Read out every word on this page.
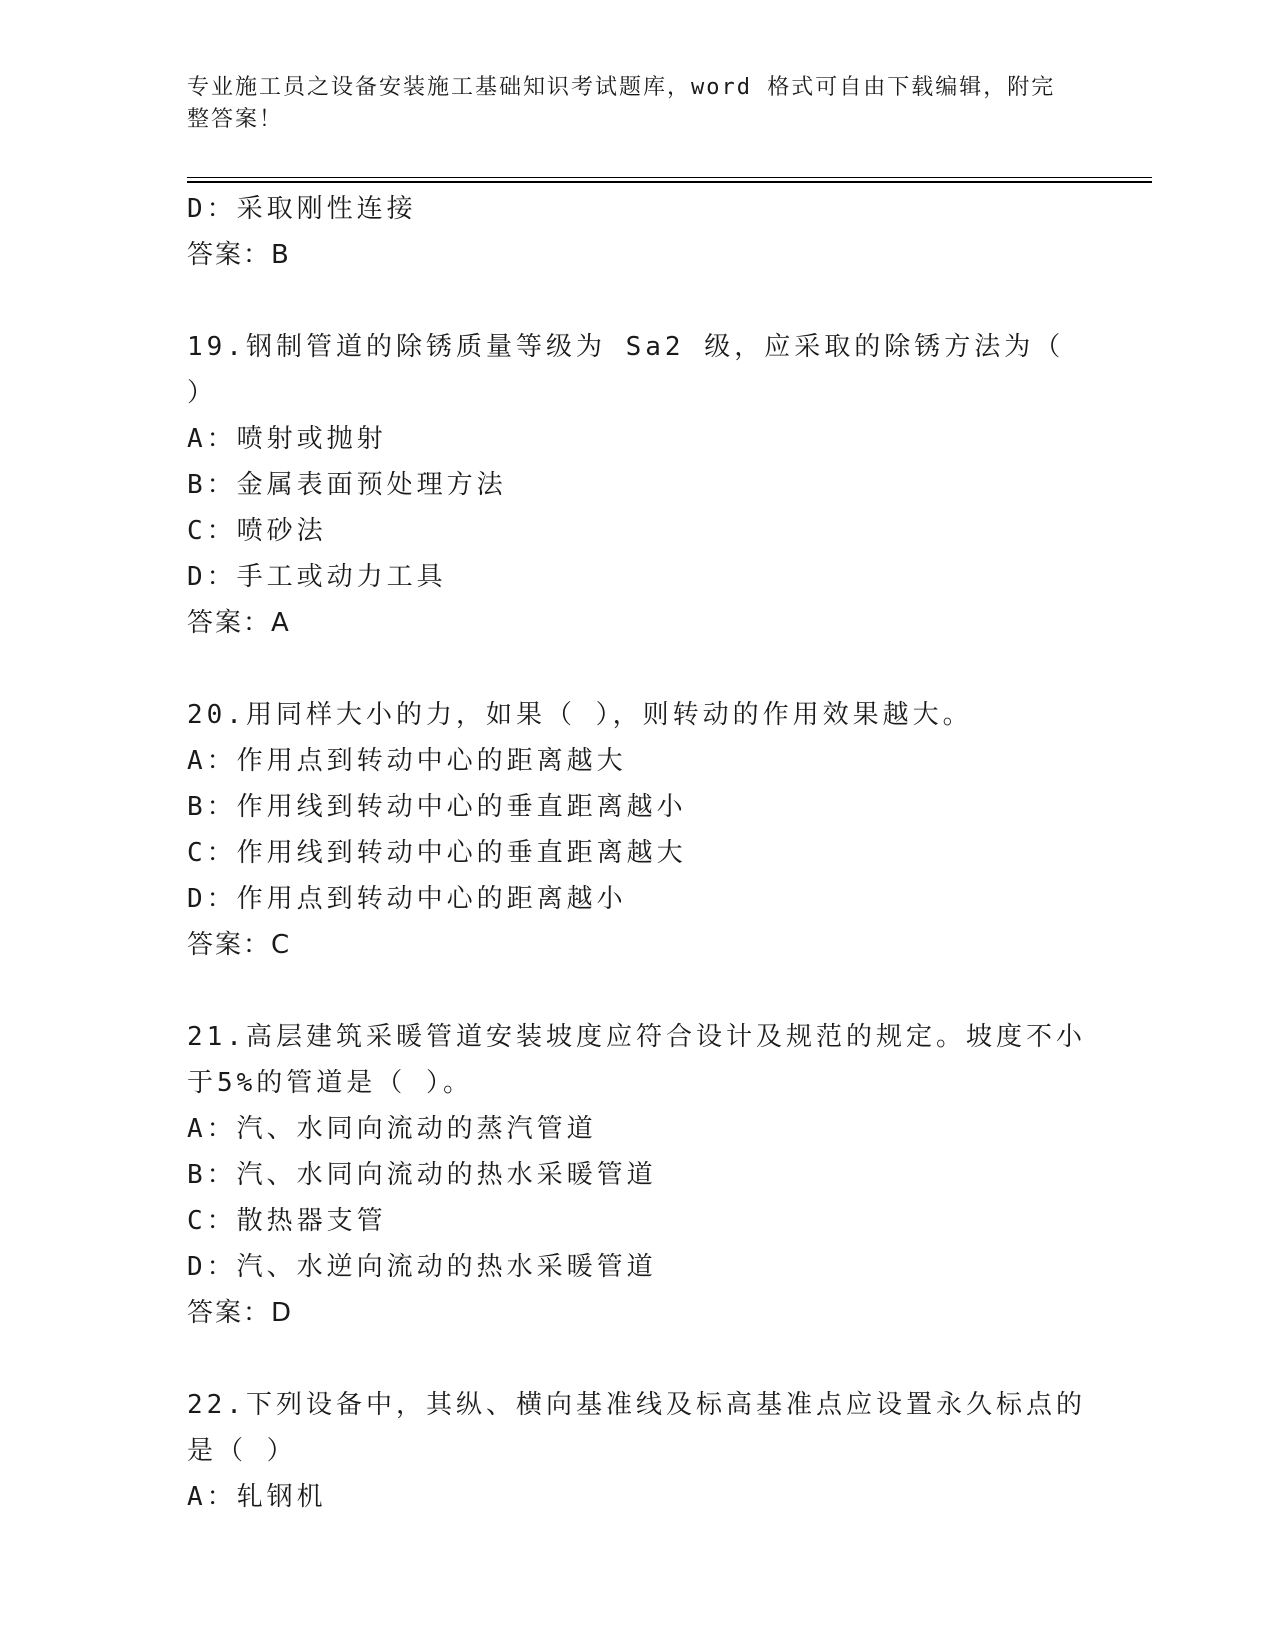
专业施工员之设备安装施工基础知识考试题库，word 格式可自由下载编辑，附完整答案！
D：采取刚性连接
答案：B
19.钢制管道的除锈质量等级为 Sa2 级，应采取的除锈方法为（ ）
A：喷射或抛射
B：金属表面预处理方法
C：喷砂法
D：手工或动力工具
答案：A
20.用同样大小的力，如果（ ），则转动的作用效果越大。
A：作用点到转动中心的距离越大
B：作用线到转动中心的垂直距离越小
C：作用线到转动中心的垂直距离越大
D：作用点到转动中心的距离越小
答案：C
21.高层建筑采暖管道安装坡度应符合设计及规范的规定。坡度不小于5%的管道是（ ）。
A：汽、水同向流动的蒸汽管道
B：汽、水同向流动的热水采暖管道
C：散热器支管
D：汽、水逆向流动的热水采暖管道
答案：D
22.下列设备中，其纵、横向基准线及标高基准点应设置永久标点的是（ ）
A：轧钢机
